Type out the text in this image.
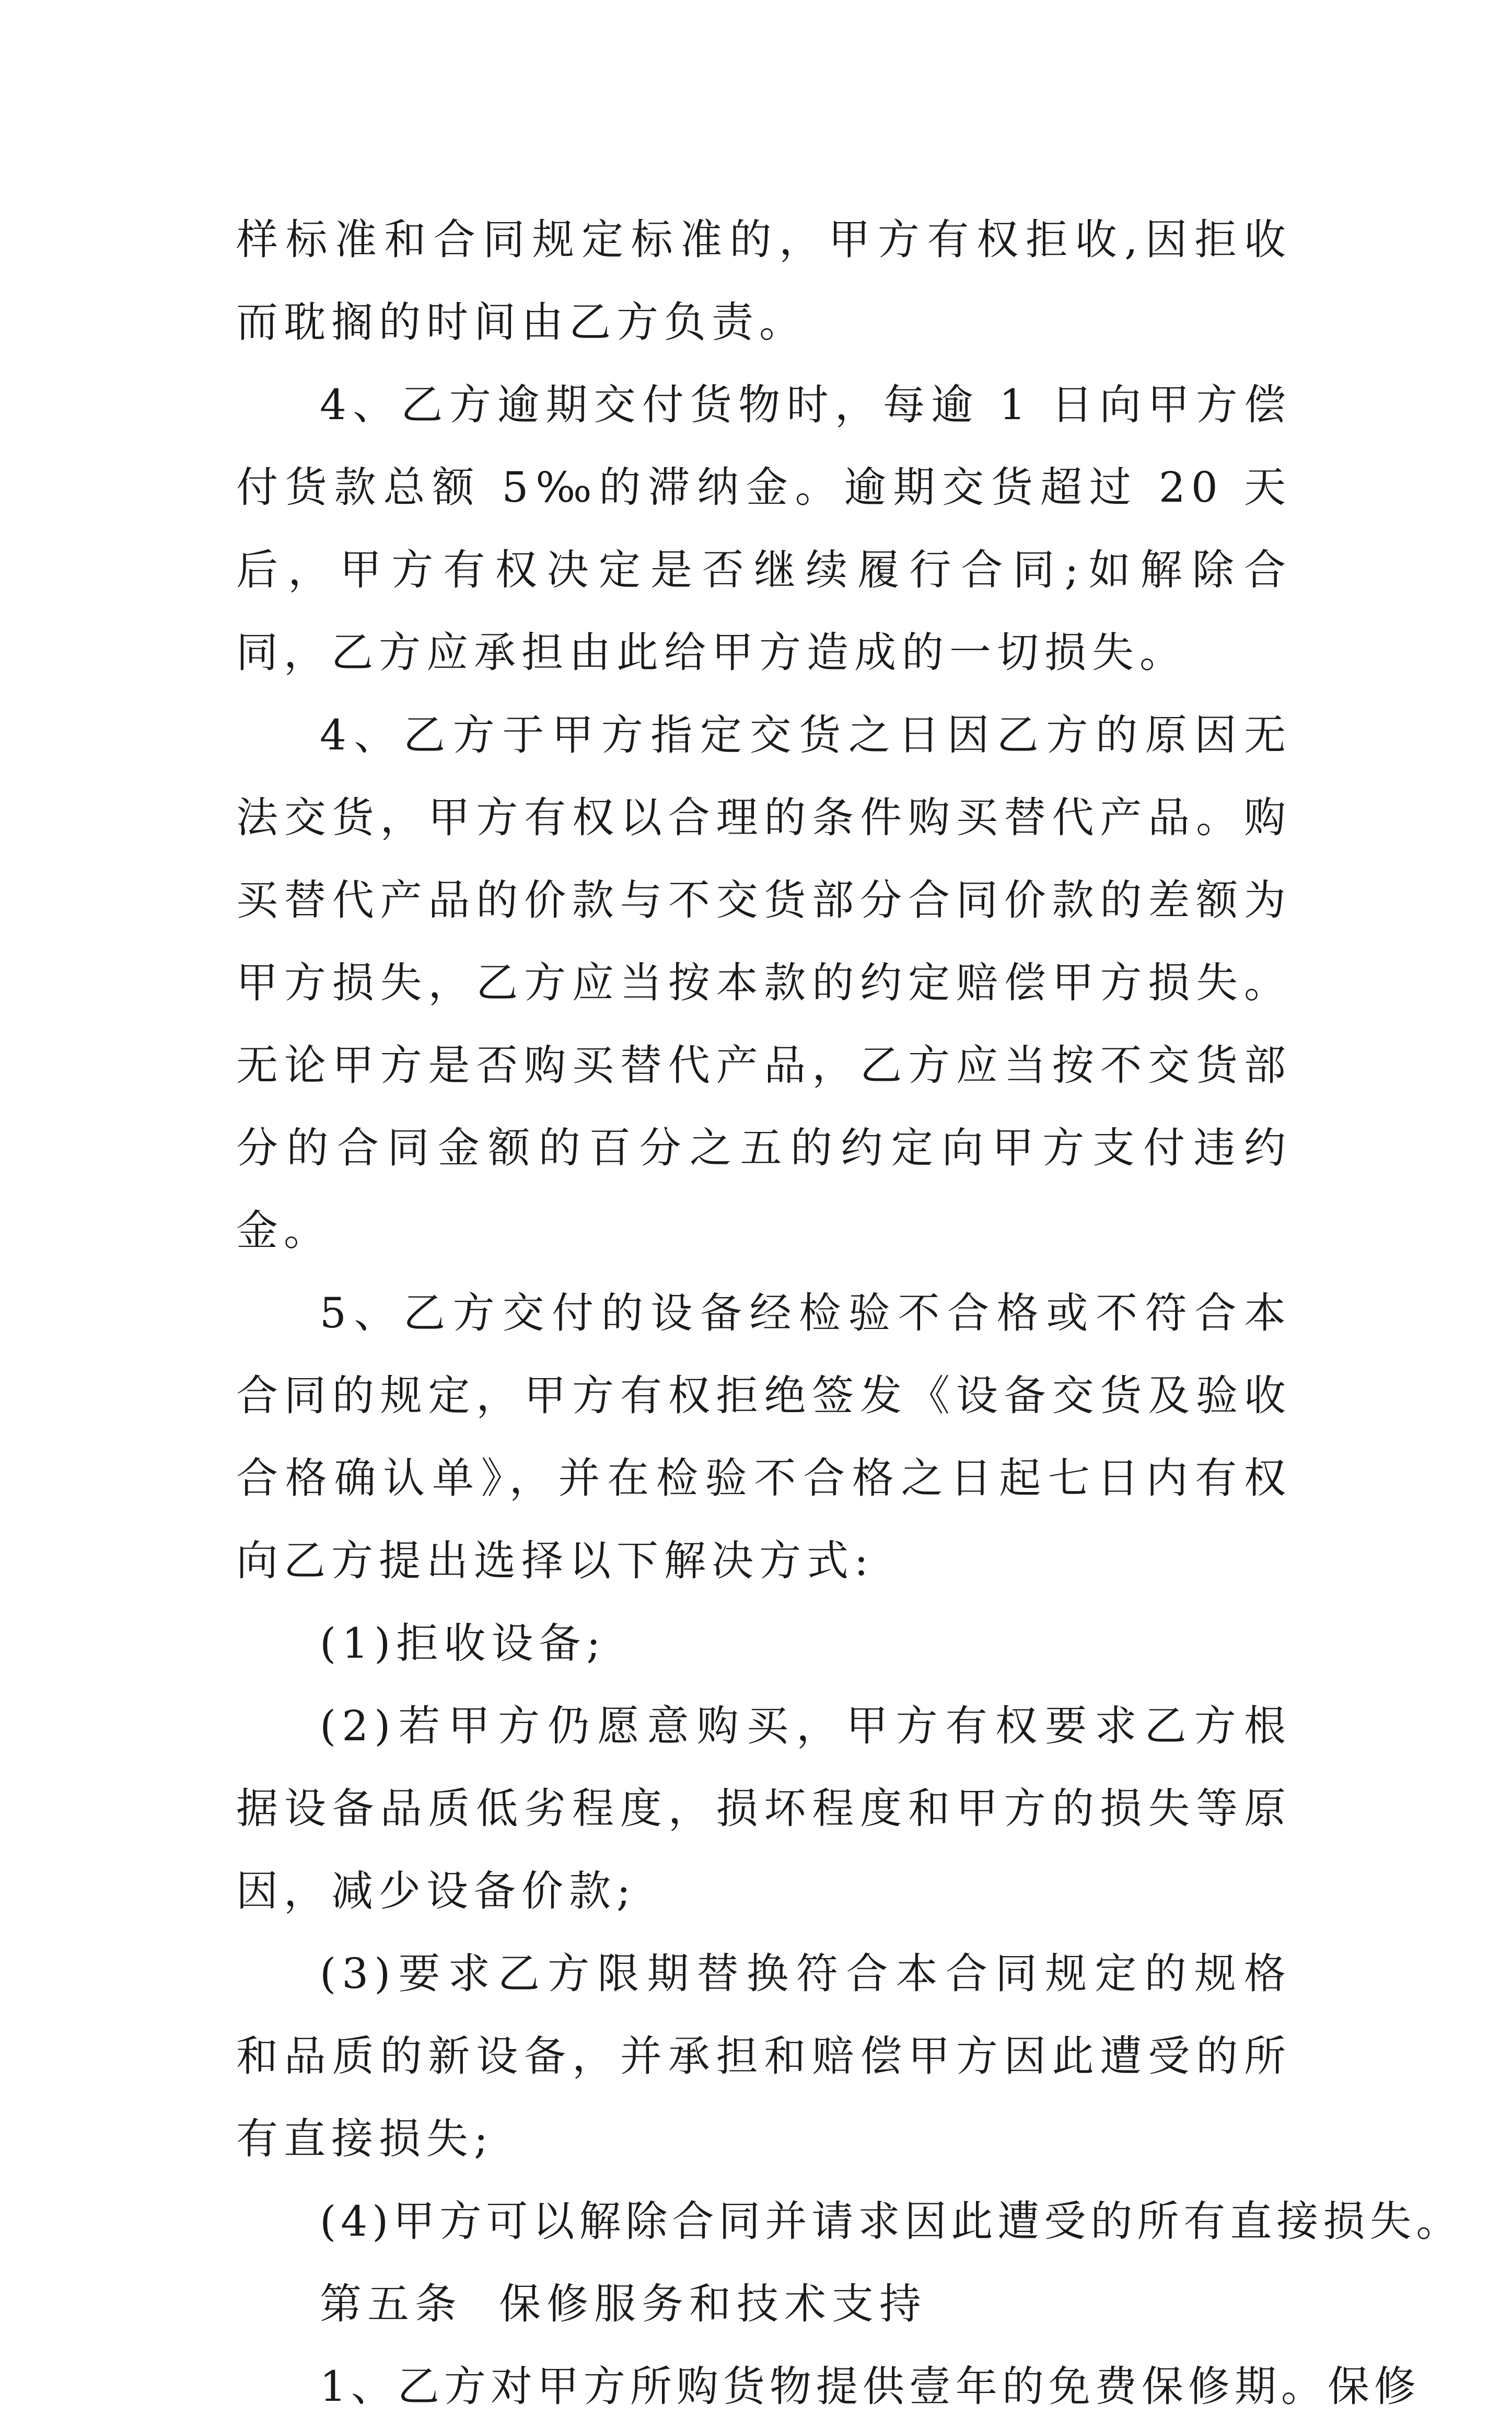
样标准和合同规定标准的，甲方有权拒收,因拒收而耽搁的时间由乙方负责。

4、乙方逾期交付货物时，每逾 1 日向甲方偿付货款总额 5‰的滞纳金。逾期交货超过 20 天后，甲方有权决定是否继续履行合同;如解除合同，乙方应承担由此给甲方造成的一切损失。

4、乙方于甲方指定交货之日因乙方的原因无法交货，甲方有权以合理的条件购买替代产品。购买替代产品的价款与不交货部分合同价款的差额为甲方损失，乙方应当按本款的约定赔偿甲方损失。无论甲方是否购买替代产品，乙方应当按不交货部分的合同金额的百分之五的约定向甲方支付违约金。

5、乙方交付的设备经检验不合格或不符合本合同的规定，甲方有权拒绝签发《设备交货及验收合格确认单》，并在检验不合格之日起七日内有权向乙方提出选择以下解决方式:

(1)拒收设备;

(2)若甲方仍愿意购买，甲方有权要求乙方根据设备品质低劣程度，损坏程度和甲方的损失等原因，减少设备价款;

(3)要求乙方限期替换符合本合同规定的规格和品质的新设备，并承担和赔偿甲方因此遭受的所有直接损失;

(4)甲方可以解除合同并请求因此遭受的所有直接损失。

第五条 保修服务和技术支持

1、乙方对甲方所购货物提供壹年的免费保修期。保修
